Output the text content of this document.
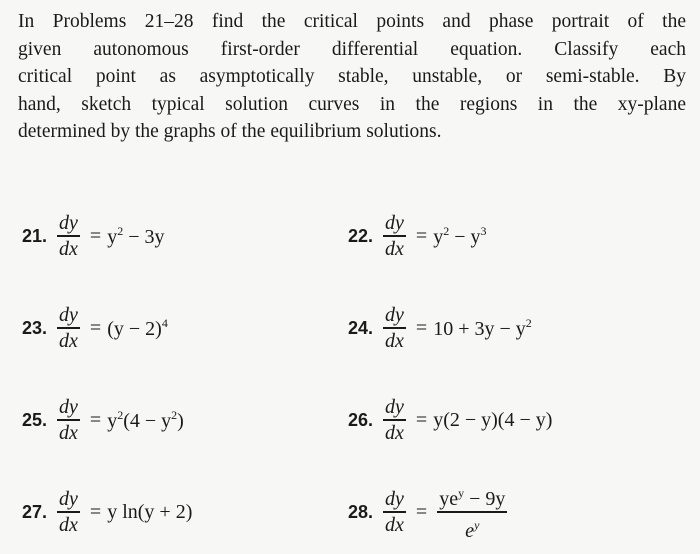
In Problems 21–28 find the critical points and phase portrait of the
given autonomous first-order differential equation. Classify each
critical point as asymptotically stable, unstable, or semi-stable. By
hand, sketch typical solution curves in the regions in the xy-plane
determined by the graphs of the equilibrium solutions.
21. $\frac{dy}{dx} = y^2 - 3y$	22. $\frac{dy}{dx} = y^2 - y^3$
23. $\frac{dy}{dx} = (y - 2)^4$	24. $\frac{dy}{dx} = 10 + 3y - y^2$
25. $\frac{dy}{dx} = y^2(4 - y^2)$	26. $\frac{dy}{dx} = y(2 - y)(4 - y)$
27. $\frac{dy}{dx} = y$ ln(y + 2)	28. $\frac{dy}{dx} = \frac{ye^y - 9y}{e^y}$
